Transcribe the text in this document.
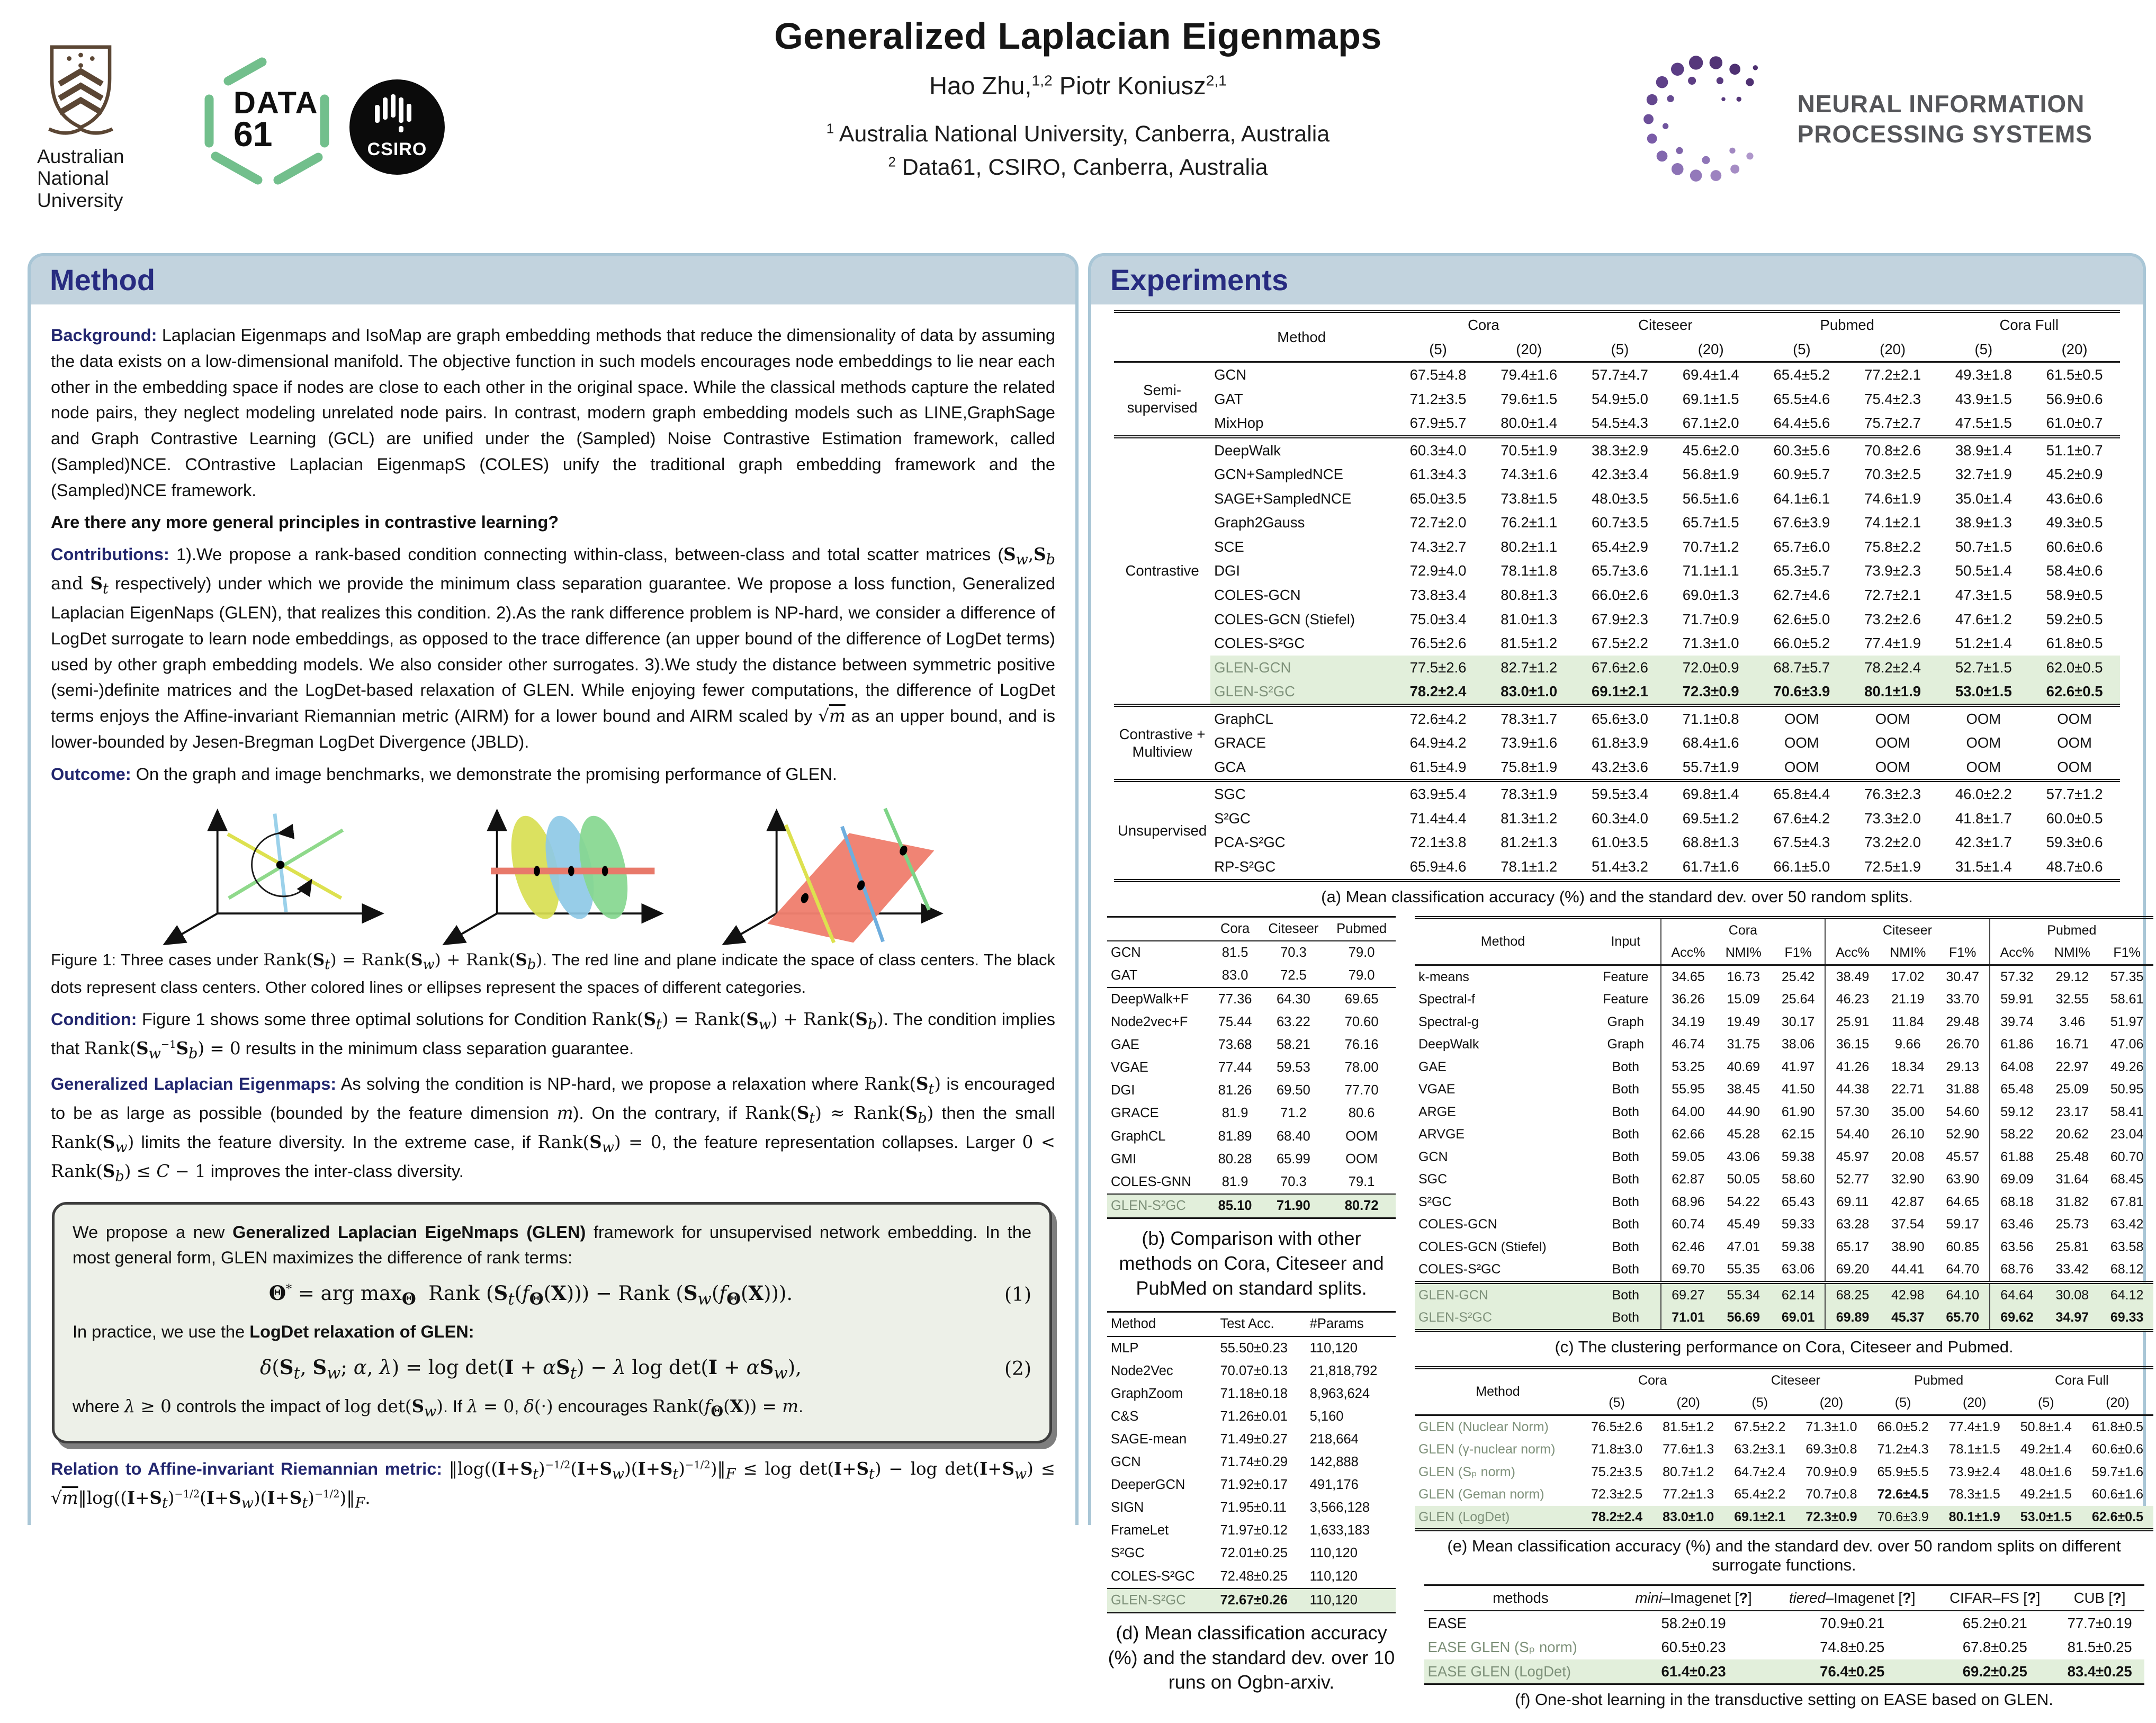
Australian
National
University
DATA
61	CSIRO
Generalized Laplacian Eigenmaps
Hao Zhu,$^{1,2}$ Piotr Koniusz$^{2,1}$
$^1$ Australia National University, Canberra, Australia
$^2$ Data61, CSIRO, Canberra, Australia
NEURAL INFORMATION
PROCESSING SYSTEMS
Method

Background: Laplacian Eigenmaps and IsoMap are graph embedding methods that reduce the dimensionality of data by assuming the data exists on a low-dimensional manifold. The objective function in such models encourages node embeddings to lie near each other in the embedding space if nodes are close to each other in the original space. While the classical methods capture the related node pairs, they neglect modeling unrelated node pairs. In contrast, modern graph embedding models such as LINE,GraphSage and Graph Contrastive Learning (GCL) are unified under the (Sampled) Noise Contrastive Estimation framework, called (Sampled)NCE. COntrastive Laplacian EigenmapS (COLES) unify the traditional graph embedding framework and the (Sampled)NCE framework.

Are there any more general principles in contrastive learning?

Contributions: 1).We propose a rank-based condition connecting within-class, between-class and total scatter matrices ($S_w,S_b$ and $S_t$ respectively) under which we provide the minimum class separation guarantee. We propose a loss function, Generalized Laplacian EigenNaps (GLEN), that realizes this condition. 2).As the rank difference problem is NP-hard, we consider a difference of LogDet surrogate to learn node embeddings, as opposed to the trace difference (an upper bound of the difference of LogDet terms) used by other graph embedding models. We also consider other surrogates. 3).We study the distance between symmetric positive (semi-)definite matrices and the LogDet-based relaxation of GLEN. While enjoying fewer computations, the difference of LogDet terms enjoys the Affine-invariant Riemannian metric (AIRM) for a lower bound and AIRM scaled by √m as an upper bound, and is lower-bounded by Jesen-Bregman LogDet Divergence (JBLD).

Outcome: On the graph and image benchmarks, we demonstrate the promising performance of GLEN.

Figure 1: Three cases under $Rank(S_t)$ = $Rank(S_w)$ + $Rank(S_b)$. The red line and plane indicate the space of class centers. The black dots represent class centers. Other colored lines or ellipses represent the spaces of different categories.

Condition: Figure 1 shows some three optimal solutions for Condition $Rank(S_t)$ = $Rank(S_w)$ + $Rank(S_b)$. The condition implies that $Rank(S_w^{-1}S_b) = 0$ results in the minimum class separation guarantee.

Generalized Laplacian Eigenmaps: As solving the condition is NP-hard, we propose a relaxation where $Rank(S_t)$ is encouraged to be as large as possible (bounded by the feature dimension m). On the contrary, if $Rank(S_t)$ ≈ $Rank(S_b)$ then the small $Rank(S_w)$ limits the feature diversity. In the extreme case, if $Rank(S_w) = 0$, the feature representation collapses. Larger $0 < Rank(S_b) \le C - 1$ improves the inter-class diversity.

We propose a new Generalized Laplacian EigeNmaps (GLEN) framework for unsupervised network embedding. In the most general form, GLEN maximizes the difference of rank terms:

Θ* = arg $\max_\Theta$  Rank $(S_t(f_\Theta(X)))$ − Rank $(S_w(f_\Theta(X)))$.	(1)

In practice, we use the LogDet relaxation of GLEN:

$\delta(S_t$, $S_w$; α, $\lambda) = \log \det(I + \alpha S_t) - \lambda$ $\log \det(I + \alpha S_w)$,	(2)

where λ ≥ 0 controls the impact of $\log \det(S_w)$. If λ = 0, δ(·) encourages $Rank(f_\Theta(X)) = m$.

Relation to Affine-invariant Riemannian metric: $‖\log((I+S_t)^{-1/2}(I+S_w)(I+S_t)^{-1/2})‖_F \le \log \det(I+S_t) - \log \det(I+S_w)$ ≤ $√m‖\log((I+S_t)^{-1/2}(I+S_w)(I+S_t)^{-1/2})‖_F$.

Experiments
	Method	Cora		Citeseer		Pubmed		Cora Full	
		(5)	(20)	(5)	(20)	(5)	(20)	(5)	(20)
Semi-
supervised	GCN	67.5±4.8	79.4±1.6	57.7±4.7	69.4±1.4	65.4±5.2	77.2±2.1	49.3±1.8	61.5±0.5
	GAT	71.2±3.5	79.6±1.5	54.9±5.0	69.1±1.5	65.5±4.6	75.4±2.3	43.9±1.5	56.9±0.6
	MixHop	67.9±5.7	80.0±1.4	54.5±4.3	67.1±2.0	64.4±5.6	75.7±2.7	47.5±1.5	61.0±0.7
Contrastive	DeepWalk	60.3±4.0	70.5±1.9	38.3±2.9	45.6±2.0	60.3±5.6	70.8±2.6	38.9±1.4	51.1±0.7
	GCN+SampledNCE	61.3±4.3	74.3±1.6	42.3±3.4	56.8±1.9	60.9±5.7	70.3±2.5	32.7±1.9	45.2±0.9
	SAGE+SampledNCE	65.0±3.5	73.8±1.5	48.0±3.5	56.5±1.6	64.1±6.1	74.6±1.9	35.0±1.4	43.6±0.6
	Graph2Gauss	72.7±2.0	76.2±1.1	60.7±3.5	65.7±1.5	67.6±3.9	74.1±2.1	38.9±1.3	49.3±0.5
	SCE	74.3±2.7	80.2±1.1	65.4±2.9	70.7±1.2	65.7±6.0	75.8±2.2	50.7±1.5	60.6±0.6
	DGI	72.9±4.0	78.1±1.8	65.7±3.6	71.1±1.1	65.3±5.7	73.9±2.3	50.5±1.4	58.4±0.6
	COLES-GCN	73.8±3.4	80.8±1.3	66.0±2.6	69.0±1.3	62.7±4.6	72.7±2.1	47.3±1.5	58.9±0.5
	COLES-GCN (Stiefel)	75.0±3.4	81.0±1.3	67.9±2.3	71.7±0.9	62.6±5.0	73.2±2.6	47.6±1.2	59.2±0.5
	COLES-S²GC	76.5±2.6	81.5±1.2	67.5±2.2	71.3±1.0	66.0±5.2	77.4±1.9	51.2±1.4	61.8±0.5
	GLEN-GCN	77.5±2.6	82.7±1.2	67.6±2.6	72.0±0.9	68.7±5.7	78.2±2.4	52.7±1.5	62.0±0.5
	GLEN-S²GC	78.2±2.4	83.0±1.0	69.1±2.1	72.3±0.9	70.6±3.9	80.1±1.9	53.0±1.5	62.6±0.5
Contrastive +
Multiview	GraphCL	72.6±4.2	78.3±1.7	65.6±3.0	71.1±0.8	OOM	OOM	OOM	OOM
	GRACE	64.9±4.2	73.9±1.6	61.8±3.9	68.4±1.6	OOM	OOM	OOM	OOM
	GCA	61.5±4.9	75.8±1.9	43.2±3.6	55.7±1.9	OOM	OOM	OOM	OOM
Unsupervised	SGC	63.9±5.4	78.3±1.9	59.5±3.4	69.8±1.4	65.8±4.4	76.3±2.3	46.0±2.2	57.7±1.2
	S²GC	71.4±4.4	81.3±1.2	60.3±4.0	69.5±1.2	67.6±4.2	73.3±2.0	41.8±1.7	60.0±0.5
	PCA-S²GC	72.1±3.8	81.2±1.3	61.0±3.5	68.8±1.3	67.5±4.3	73.2±2.0	42.3±1.7	59.3±0.6
	RP-S²GC	65.9±4.6	78.1±1.2	51.4±3.2	61.7±1.6	66.1±5.0	72.5±1.9	31.5±1.4	48.7±0.6
(a) Mean classification accuracy (%) and the standard dev. over 50 random splits.
	Cora	Citeseer	Pubmed
GCN	81.5	70.3	79.0
GAT	83.0	72.5	79.0
DeepWalk+F	77.36	64.30	69.65
Node2vec+F	75.44	63.22	70.60
GAE	73.68	58.21	76.16
VGAE	77.44	59.53	78.00
DGI	81.26	69.50	77.70
GRACE	81.9	71.2	80.6
GraphCL	81.89	68.40	OOM
GMI	80.28	65.99	OOM
COLES-GNN	81.9	70.3	79.1
GLEN-S²GC	85.10	71.90	80.72
(b) Comparison with other methods on Cora, Citeseer and PubMed on standard splits.
Method	Test Acc.	#Params
MLP	55.50±0.23	110,120
Node2Vec	70.07±0.13	21,818,792
GraphZoom	71.18±0.18	8,963,624
C&S	71.26±0.01	5,160
SAGE-mean	71.49±0.27	218,664
GCN	71.74±0.29	142,888
DeeperGCN	71.92±0.17	491,176
SIGN	71.95±0.11	3,566,128
FrameLet	71.97±0.12	1,633,183
S²GC	72.01±0.25	110,120
COLES-S²GC	72.48±0.25	110,120
GLEN-S²GC	72.67±0.26	110,120
(d) Mean classification accuracy (%) and the standard dev. over 10 runs on Ogbn-arxiv.
Method	Input	Cora			Citeseer			Pubmed		
		Acc%	NMI%	F1%	Acc%	NMI%	F1%	Acc%	NMI%	F1%
k-means	Feature	34.65	16.73	25.42	38.49	17.02	30.47	57.32	29.12	57.35
Spectral-f	Feature	36.26	15.09	25.64	46.23	21.19	33.70	59.91	32.55	58.61
Spectral-g	Graph	34.19	19.49	30.17	25.91	11.84	29.48	39.74	3.46	51.97
DeepWalk	Graph	46.74	31.75	38.06	36.15	9.66	26.70	61.86	16.71	47.06
GAE	Both	53.25	40.69	41.97	41.26	18.34	29.13	64.08	22.97	49.26
VGAE	Both	55.95	38.45	41.50	44.38	22.71	31.88	65.48	25.09	50.95
ARGE	Both	64.00	44.90	61.90	57.30	35.00	54.60	59.12	23.17	58.41
ARVGE	Both	62.66	45.28	62.15	54.40	26.10	52.90	58.22	20.62	23.04
GCN	Both	59.05	43.06	59.38	45.97	20.08	45.57	61.88	25.48	60.70
SGC	Both	62.87	50.05	58.60	52.77	32.90	63.90	69.09	31.64	68.45
S²GC	Both	68.96	54.22	65.43	69.11	42.87	64.65	68.18	31.82	67.81
COLES-GCN	Both	60.74	45.49	59.33	63.28	37.54	59.17	63.46	25.73	63.42
COLES-GCN (Stiefel)	Both	62.46	47.01	59.38	65.17	38.90	60.85	63.56	25.81	63.58
COLES-S²GC	Both	69.70	55.35	63.06	69.20	44.41	64.70	68.76	33.42	68.12
GLEN-GCN	Both	69.27	55.34	62.14	68.25	42.98	64.10	64.64	30.08	64.12
GLEN-S²GC	Both	71.01	56.69	69.01	69.89	45.37	65.70	69.62	34.97	69.33
(c) The clustering performance on Cora, Citeseer and Pubmed.
Method	Cora		Citeseer		Pubmed		Cora Full	
	(5)	(20)	(5)	(20)	(5)	(20)	(5)	(20)
GLEN (Nuclear Norm)	76.5±2.6	81.5±1.2	67.5±2.2	71.3±1.0	66.0±5.2	77.4±1.9	50.8±1.4	61.8±0.5
GLEN (γ-nuclear norm)	71.8±3.0	77.6±1.3	63.2±3.1	69.3±0.8	71.2±4.3	78.1±1.5	49.2±1.4	60.6±0.6
GLEN (Sₚ norm)	75.2±3.5	80.7±1.2	64.7±2.4	70.9±0.9	65.9±5.5	73.9±2.4	48.0±1.6	59.7±1.6
GLEN (Geman norm)	72.3±2.5	77.2±1.3	65.4±2.2	70.7±0.8	72.6±4.5	78.3±1.5	49.2±1.5	60.6±1.6
GLEN (LogDet)	78.2±2.4	83.0±1.0	69.1±2.1	72.3±0.9	70.6±3.9	80.1±1.9	53.0±1.5	62.6±0.5
(e) Mean classification accuracy (%) and the standard dev. over 50 random splits on different surrogate functions.
methods	mini–Imagenet [?]	tiered–Imagenet [?]	CIFAR–FS [?]	CUB [?]
EASE	58.2±0.19	70.9±0.21	65.2±0.21	77.7±0.19
EASE GLEN (Sₚ norm)	60.5±0.23	74.8±0.25	67.8±0.25	81.5±0.25
EASE GLEN (LogDet)	61.4±0.23	76.4±0.25	69.2±0.25	83.4±0.25
(f) One-shot learning in the transductive setting on EASE based on GLEN.
